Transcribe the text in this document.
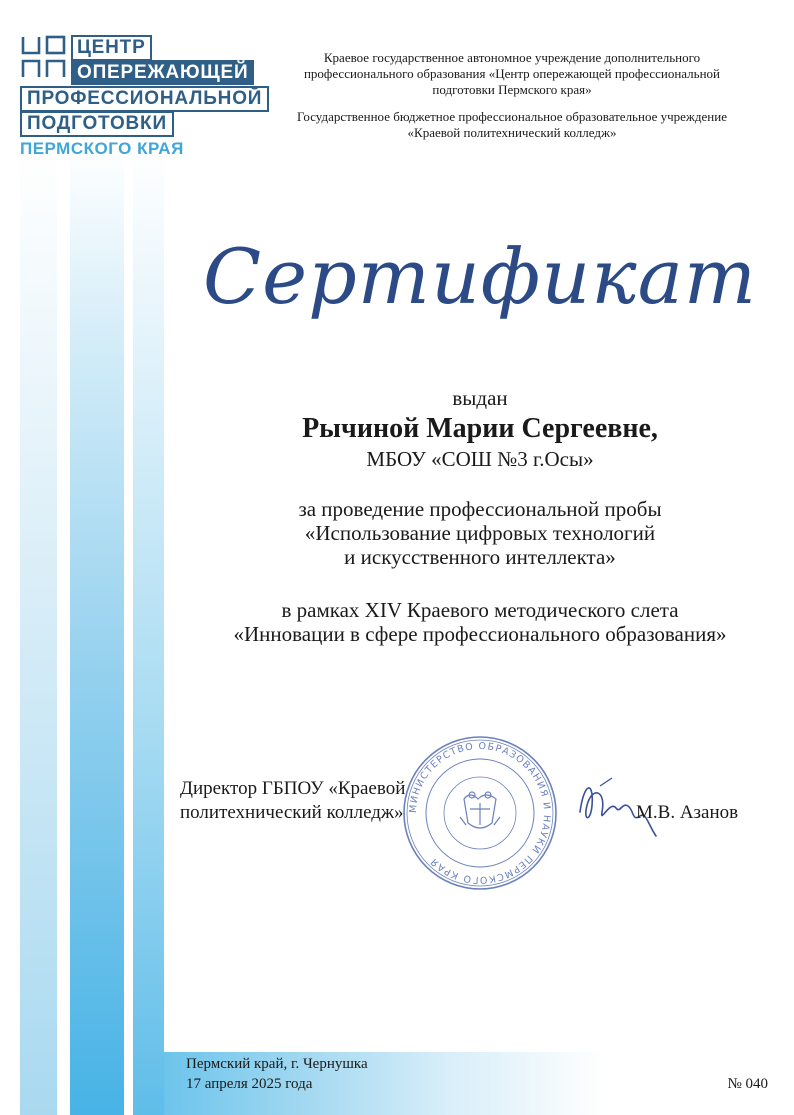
ЦЕНТР
ОПЕРЕЖАЮЩЕЙ
ПРОФЕССИОНАЛЬНОЙ
ПОДГОТОВКИ
ПЕРМСКОГО КРАЯ
Краевое государственное автономное учреждение дополнительного
профессионального образования «Центр опережающей профессиональной
подготовки Пермского края»
Государственное бюджетное профессиональное образовательное учреждение
«Краевой политехнический колледж»
Сертификат
выдан
Рычиной Марии Сергеевне,
МБОУ «СОШ №3 г.Осы»
за проведение профессиональной пробы
«Использование цифровых технологий
и искусственного интеллекта»
в рамках XIV Краевого методического слета
«Инновации в сфере профессионального образования»
Директор ГБПОУ «Краевой
политехнический колледж» МИНИСТЕРСТВО ОБРАЗОВАНИЯ И НАУКИ ПЕРМСКОГО КРАЯ
М.В. Азанов
Пермский край, г. Чернушка
17 апреля 2025 года	№ 040
